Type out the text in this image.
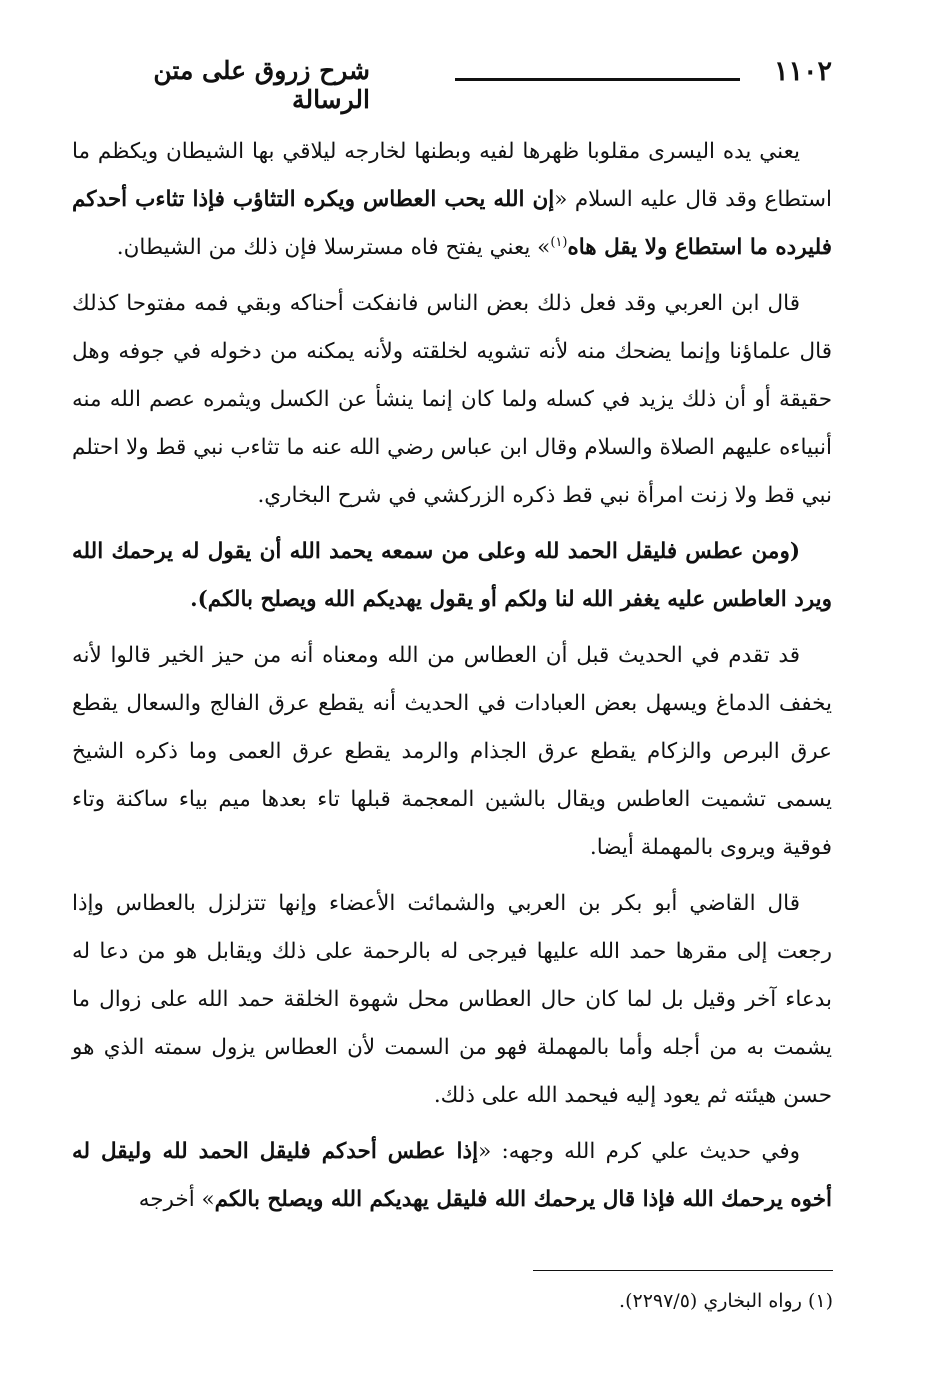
١١٠٢
شرح زروق على متن الرسالة

يعني يده اليسرى مقلوبا ظهرها لفيه وبطنها لخارجه ليلاقي بها الشيطان ويكظم ما استطاع وقد قال عليه السلام «إن الله يحب العطاس ويكره التثاؤب فإذا تثاءب أحدكم فليرده ما استطاع ولا يقل هاه$^{(١)}$» يعني يفتح فاه مسترسلا فإن ذلك من الشيطان.

قال ابن العربي وقد فعل ذلك بعض الناس فانفكت أحناكه وبقي فمه مفتوحا كذلك قال علماؤنا وإنما يضحك منه لأنه تشويه لخلقته ولأنه يمكنه من دخوله في جوفه وهل حقيقة أو أن ذلك يزيد في كسله ولما كان إنما ينشأ عن الكسل ويثمره عصم الله منه أنبياءه عليهم الصلاة والسلام وقال ابن عباس رضي الله عنه ما تثاءب نبي قط ولا احتلم نبي قط ولا زنت امرأة نبي قط ذكره الزركشي في شرح البخاري.

(ومن عطس فليقل الحمد لله وعلى من سمعه يحمد الله أن يقول له يرحمك الله ويرد العاطس عليه يغفر الله لنا ولكم أو يقول يهديكم الله ويصلح بالكم).

قد تقدم في الحديث قبل أن العطاس من الله ومعناه أنه من حيز الخير قالوا لأنه يخفف الدماغ ويسهل بعض العبادات في الحديث أنه يقطع عرق الفالج والسعال يقطع عرق البرص والزكام يقطع عرق الجذام والرمد يقطع عرق العمى وما ذكره الشيخ يسمى تشميت العاطس ويقال بالشين المعجمة قبلها تاء بعدها ميم بياء ساكنة وتاء فوقية ويروى بالمهملة أيضا.

قال القاضي أبو بكر بن العربي والشمائت الأعضاء وإنها تتزلزل بالعطاس وإذا رجعت إلى مقرها حمد الله عليها فيرجى له بالرحمة على ذلك ويقابل هو من دعا له بدعاء آخر وقيل بل لما كان حال العطاس محل شهوة الخلقة حمد الله على زوال ما يشمت به من أجله وأما بالمهملة فهو من السمت لأن العطاس يزول سمته الذي هو حسن هيئته ثم يعود إليه فيحمد الله على ذلك.

وفي حديث علي كرم الله وجهه: «إذا عطس أحدكم فليقل الحمد لله وليقل له أخوه يرحمك الله فإذا قال يرحمك الله فليقل يهديكم الله ويصلح بالكم» أخرجه

(١) رواه البخاري (٢٢٩٧/٥).
